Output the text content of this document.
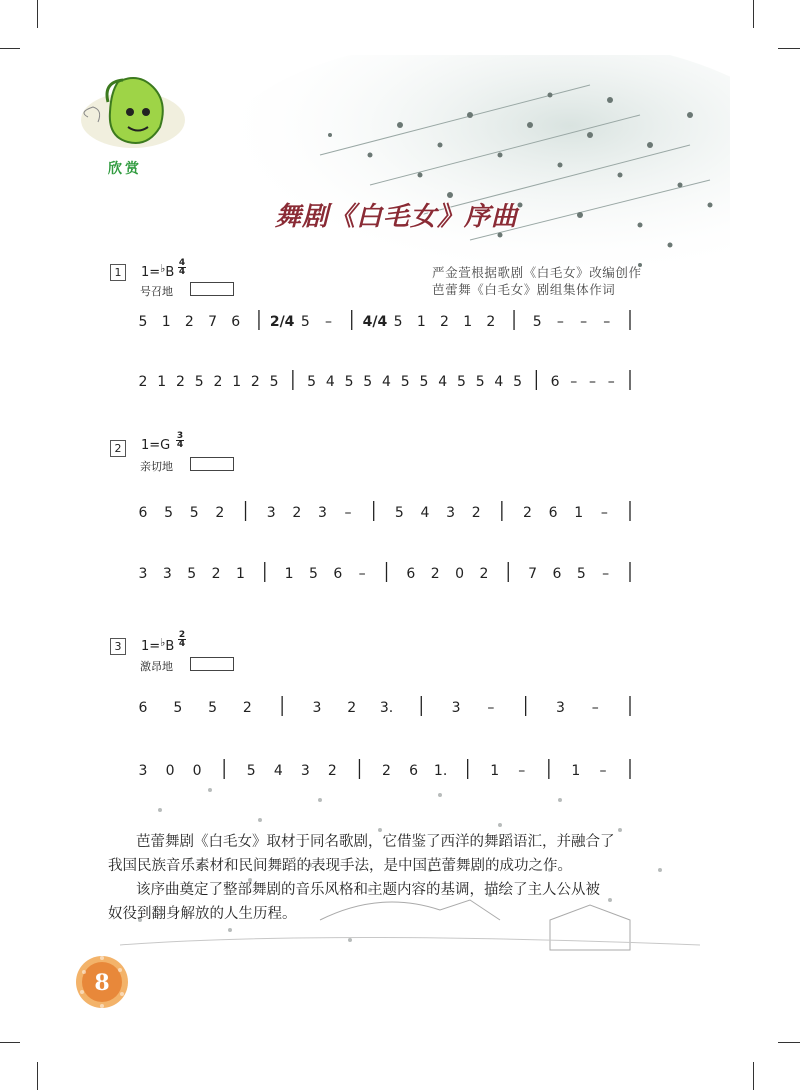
欣赏
舞剧《白毛女》序曲
严金萱根据歌剧《白毛女》改编创作
芭蕾舞《白毛女》剧组集体作词
1	1=♭B
4
4
号召地
2	1=G
3
4
亲切地
3	1=♭B
2
4
激昂地
5 1 2 7 6 2/4 5 – 4/4 5 1 2 1 2	5 – – –
2 1 2 5 2 1 2 5 5 4 5 5 4 5 5 4 5 5 4 5 6 – – –
6 5 5 2	3 2 3 –	5 4 3 2	2 6 1 –
3 3 5 2 1	1 5 6 –	6 2 0 2	7 6 5 –
6 5 5 2	3 2 3.	3 –	3 –
3 0 0	5 4 3 2	2 6 1.	1 –	1 –
芭蕾舞剧《白毛女》取材于同名歌剧，它借鉴了西洋的舞蹈语汇，并融合了
我国民族音乐素材和民间舞蹈的表现手法，是中国芭蕾舞剧的成功之作。
该序曲奠定了整部舞剧的音乐风格和主题内容的基调，描绘了主人公从被
奴役到翻身解放的人生历程。
8
